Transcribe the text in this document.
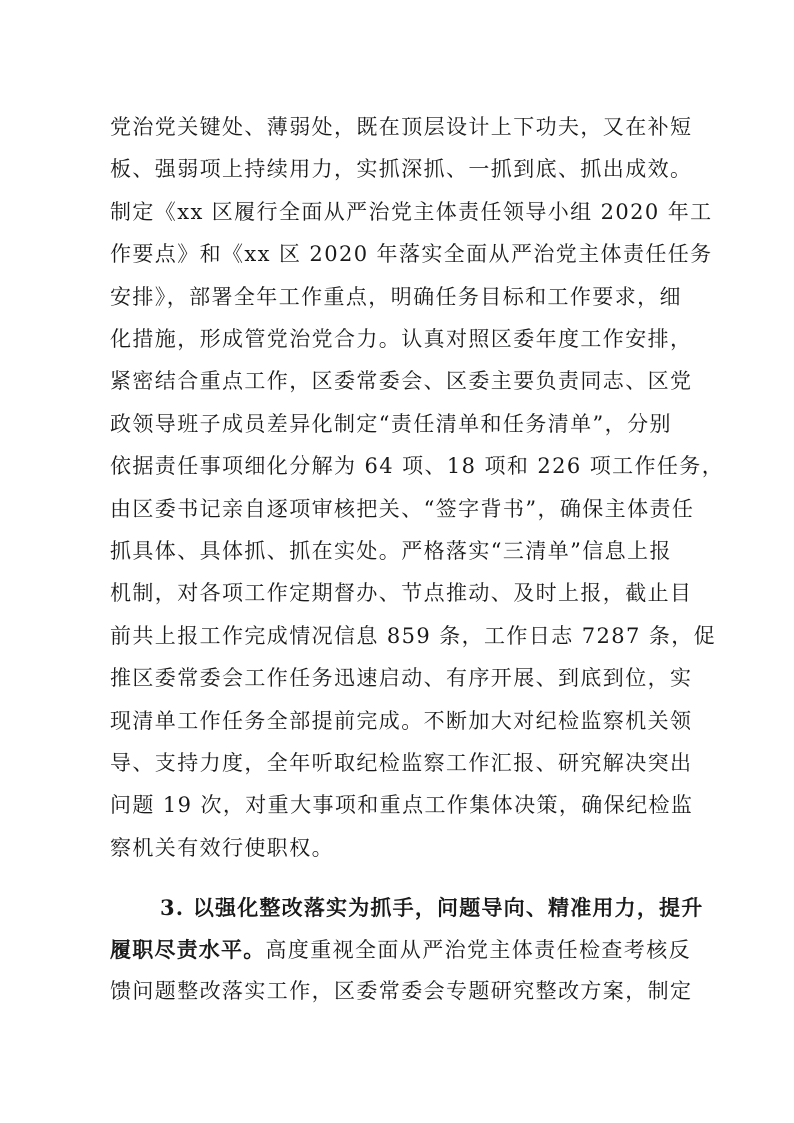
党治党关键处、薄弱处，既在顶层设计上下功夫，又在补短
板、强弱项上持续用力，实抓深抓、一抓到底、抓出成效。
制定《xx 区履行全面从严治党主体责任领导小组 2020 年工
作要点》和《xx 区 2020 年落实全面从严治党主体责任任务
安排》，部署全年工作重点，明确任务目标和工作要求，细
化措施，形成管党治党合力。认真对照区委年度工作安排，
紧密结合重点工作，区委常委会、区委主要负责同志、区党
政领导班子成员差异化制定“责任清单和任务清单”，分别
依据责任事项细化分解为 64 项、18 项和 226 项工作任务，
由区委书记亲自逐项审核把关、“签字背书”，确保主体责任
抓具体、具体抓、抓在实处。严格落实“三清单”信息上报
机制，对各项工作定期督办、节点推动、及时上报，截止目
前共上报工作完成情况信息 859 条，工作日志 7287 条，促
推区委常委会工作任务迅速启动、有序开展、到底到位，实
现清单工作任务全部提前完成。不断加大对纪检监察机关领
导、支持力度，全年听取纪检监察工作汇报、研究解决突出
问题 19 次，对重大事项和重点工作集体决策，确保纪检监
察机关有效行使职权。
3. 以强化整改落实为抓手，问题导向、精准用力，提升
履职尽责水平。高度重视全面从严治党主体责任检查考核反
馈问题整改落实工作，区委常委会专题研究整改方案，制定
